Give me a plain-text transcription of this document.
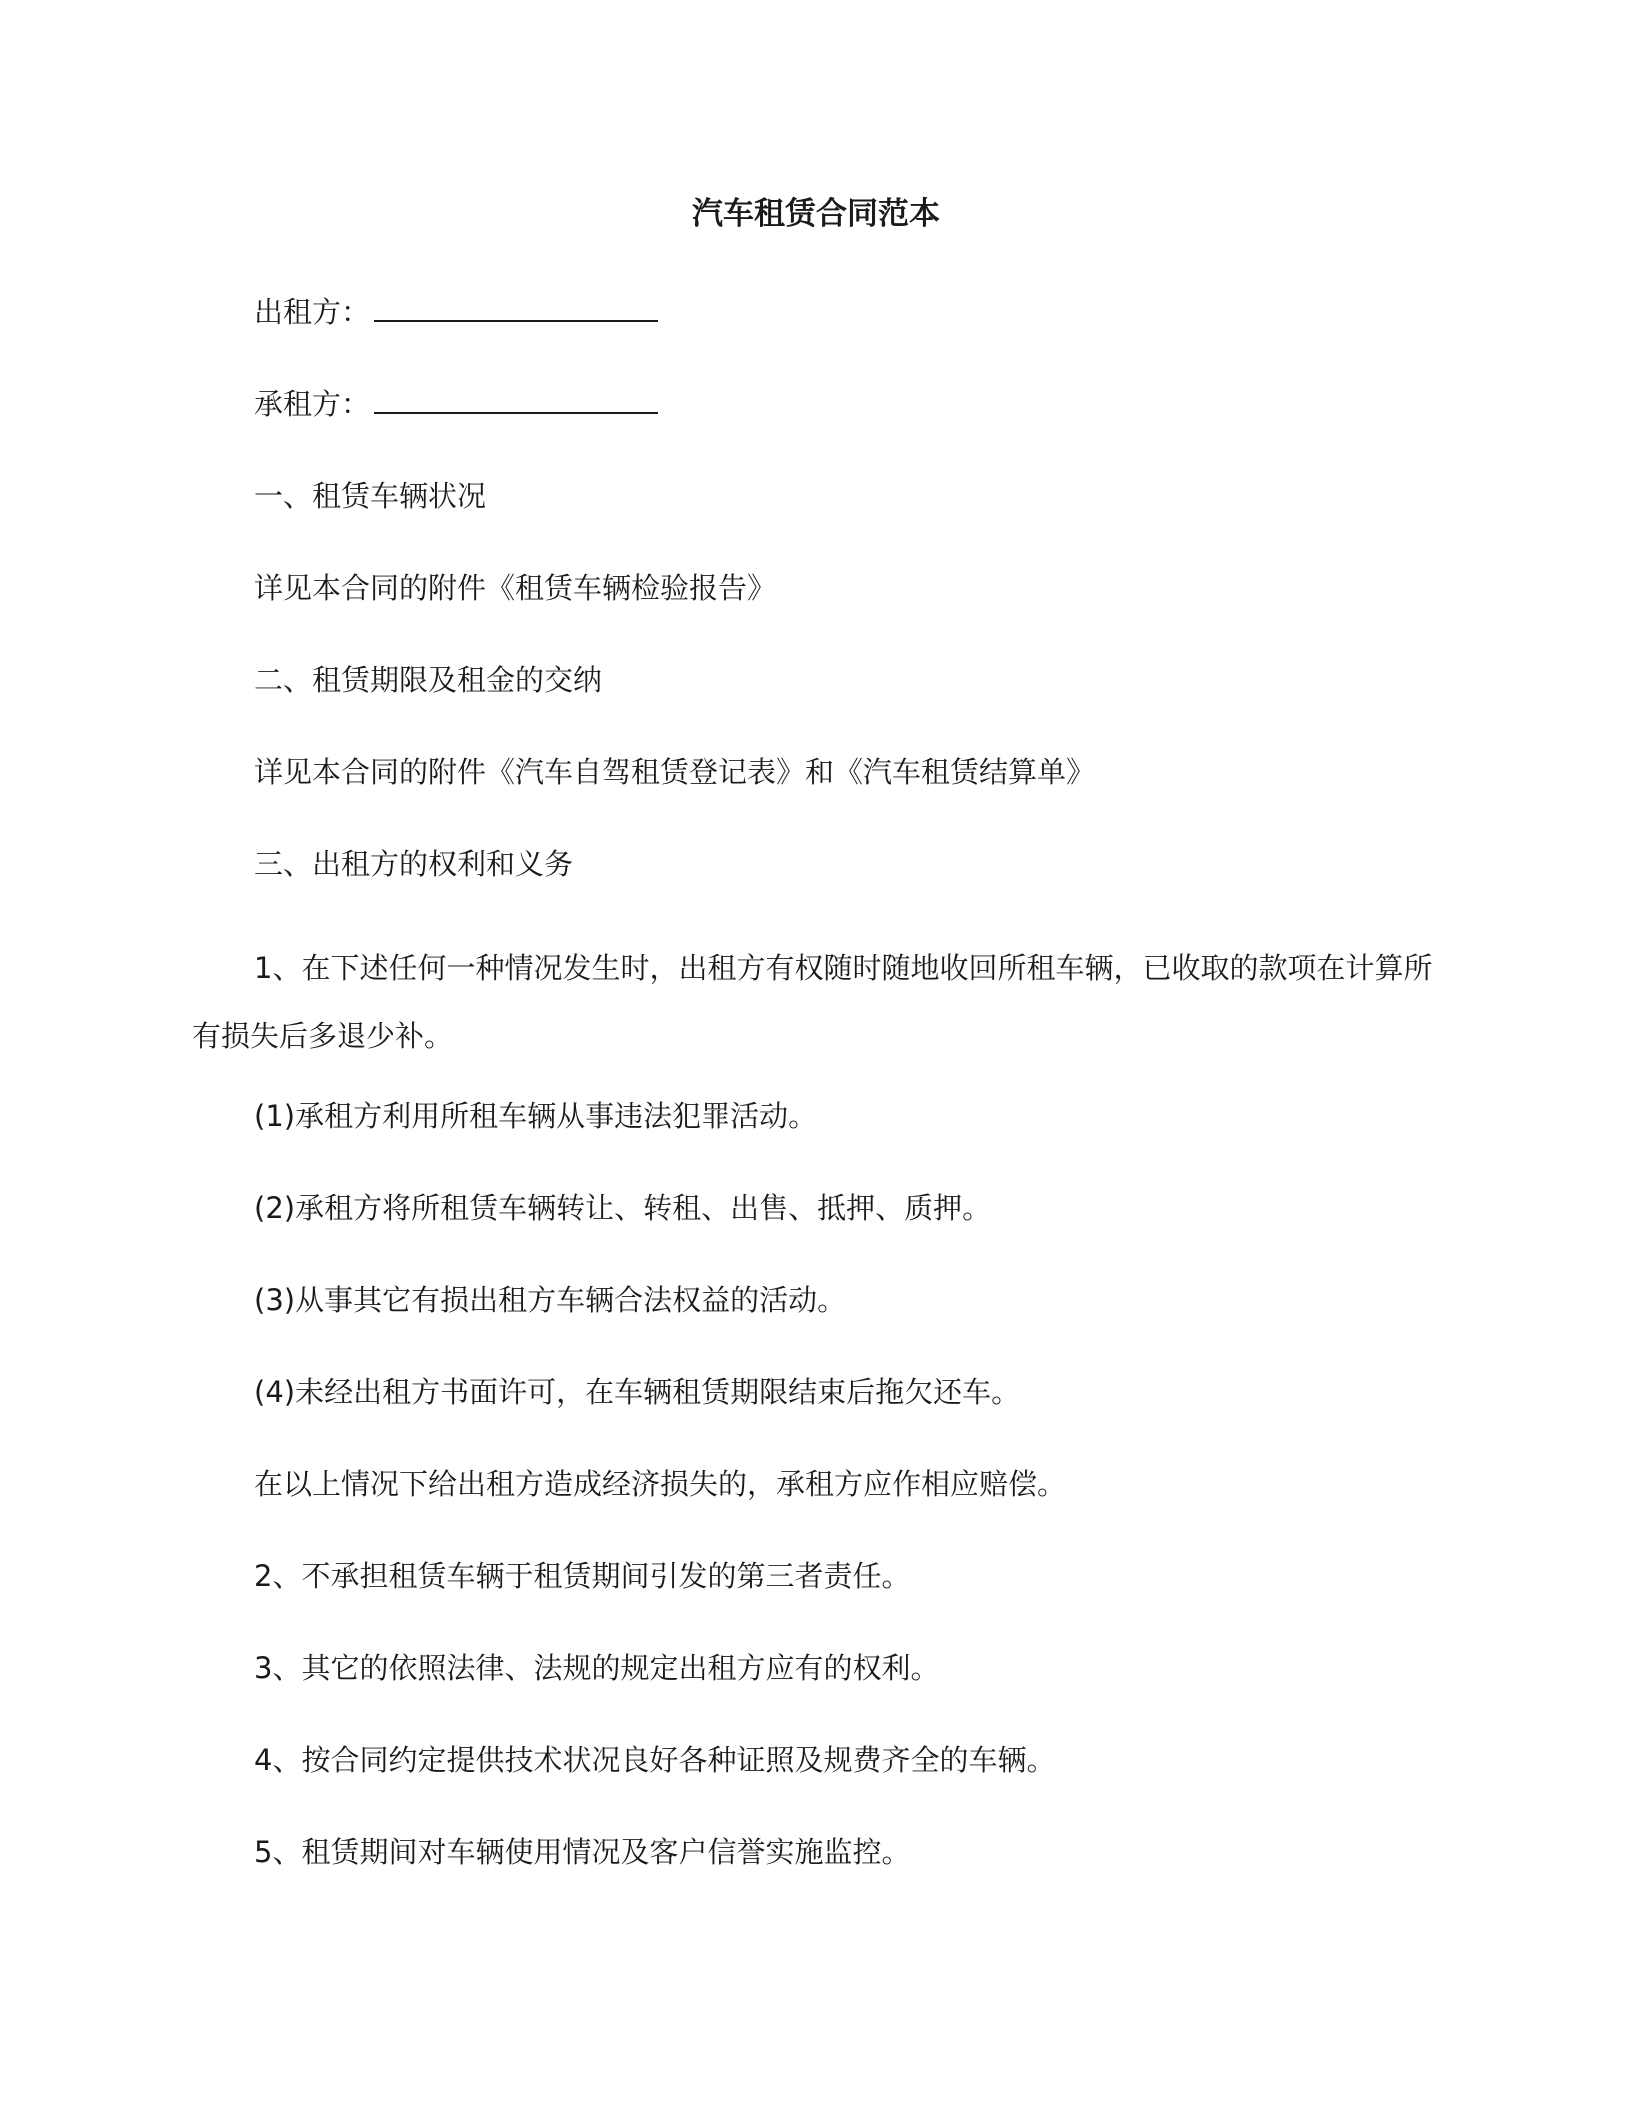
汽车租赁合同范本

出租方：

承租方：

一、租赁车辆状况

详见本合同的附件《租赁车辆检验报告》

二、租赁期限及租金的交纳

详见本合同的附件《汽车自驾租赁登记表》和《汽车租赁结算单》

三、出租方的权利和义务

1、在下述任何一种情况发生时，出租方有权随时随地收回所租车辆，已收取的款项在计算所有损失后多退少补。

(1)承租方利用所租车辆从事违法犯罪活动。

(2)承租方将所租赁车辆转让、转租、出售、抵押、质押。

(3)从事其它有损出租方车辆合法权益的活动。

(4)未经出租方书面许可，在车辆租赁期限结束后拖欠还车。

在以上情况下给出租方造成经济损失的，承租方应作相应赔偿。

2、不承担租赁车辆于租赁期间引发的第三者责任。

3、其它的依照法律、法规的规定出租方应有的权利。

4、按合同约定提供技术状况良好各种证照及规费齐全的车辆。

5、租赁期间对车辆使用情况及客户信誉实施监控。
